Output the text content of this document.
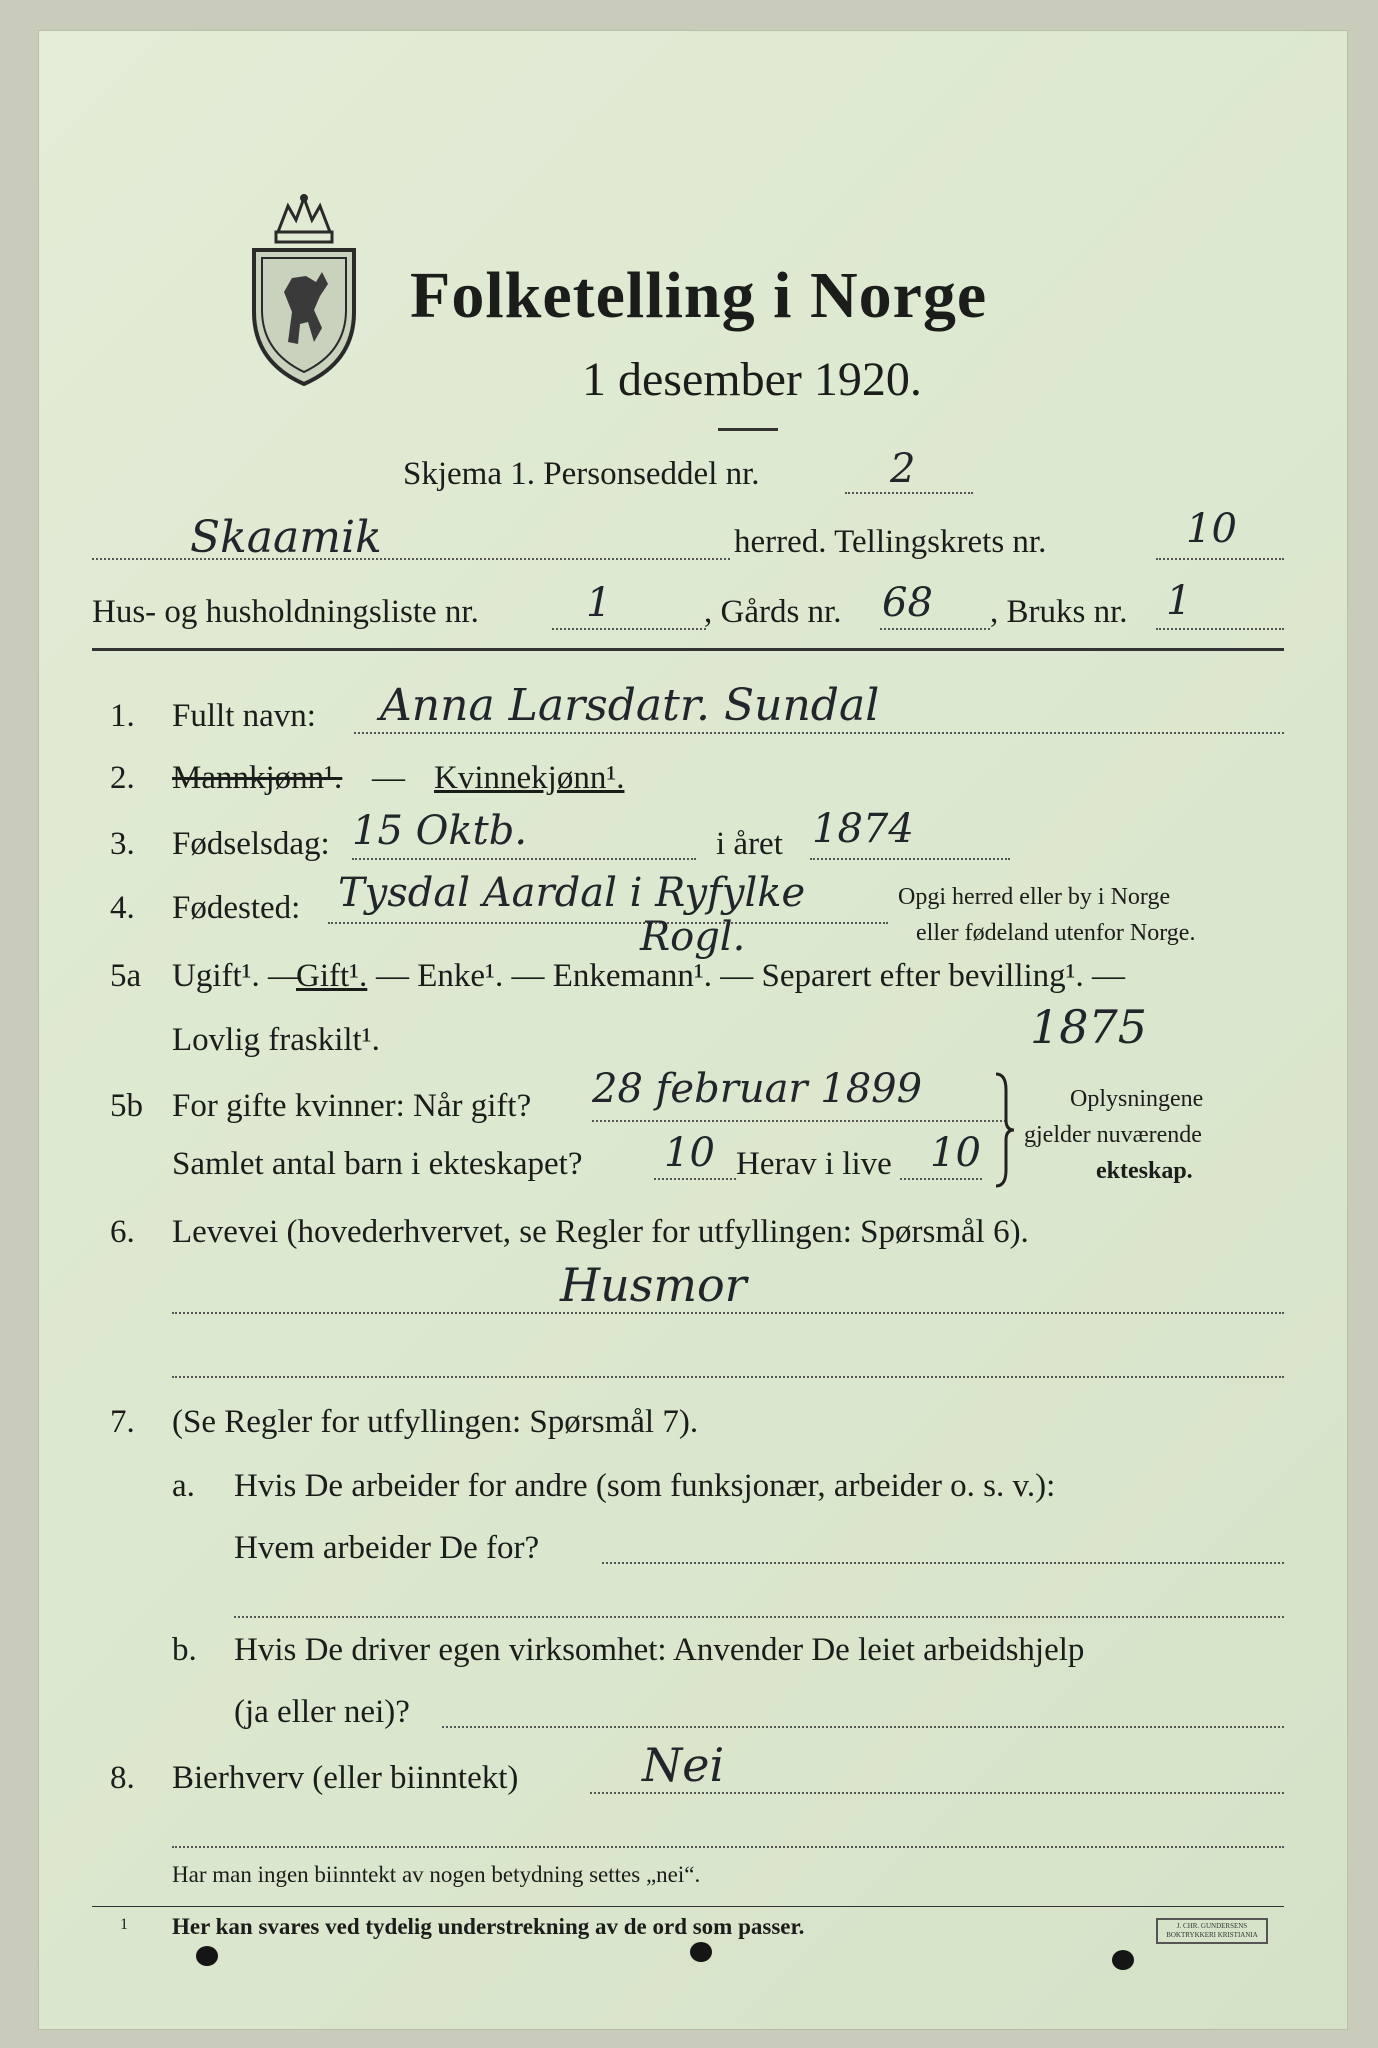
Folketelling i Norge
1 desember 1920.
Skjema 1. Personseddel nr.	2
Skaamik	herred. Tellingskrets nr.	10
Hus- og husholdningsliste nr.	1	, Gårds nr. 68 , Bruks nr. 1
1. Fullt navn: Anna Larsdatr. Sundal
2. Mannkjønn¹. — Kvinnekjønn¹.
3. Fødselsdag: 15 Oktb.	i året 1874
4. Fødested: Tysdal Aardal i Ryfylke
Rogl.
Opgi herred eller by i Norge
eller fødeland utenfor Norge.
5a Ugift¹. —
Gift¹. — Enke¹. — Enkemann¹. — Separert efter bevilling¹. —
Lovlig fraskilt¹.	1875
5b For gifte kvinner: Når gift? 28 februar 1899
Samlet antal barn i ekteskapet? 10 Herav i live 10
Oplysningene
gjelder nuværende
ekteskap.
6. Levevei (hovederhvervet, se Regler for utfyllingen: Spørsmål 6).
Husmor
7. (Se Regler for utfyllingen: Spørsmål 7).
a. Hvis De arbeider for andre (som funksjonær, arbeider o. s. v.):
Hvem arbeider De for?
b. Hvis De driver egen virksomhet: Anvender De leiet arbeidshjelp
(ja eller nei)?
8. Bierhverv (eller biinntekt)	Nei
Har man ingen biinntekt av nogen betydning settes „nei“.
1 Her kan svares ved tydelig understrekning av de ord som passer.	J. CHR. GUNDERSENS BOKTRYKKERI KRISTIANIA
